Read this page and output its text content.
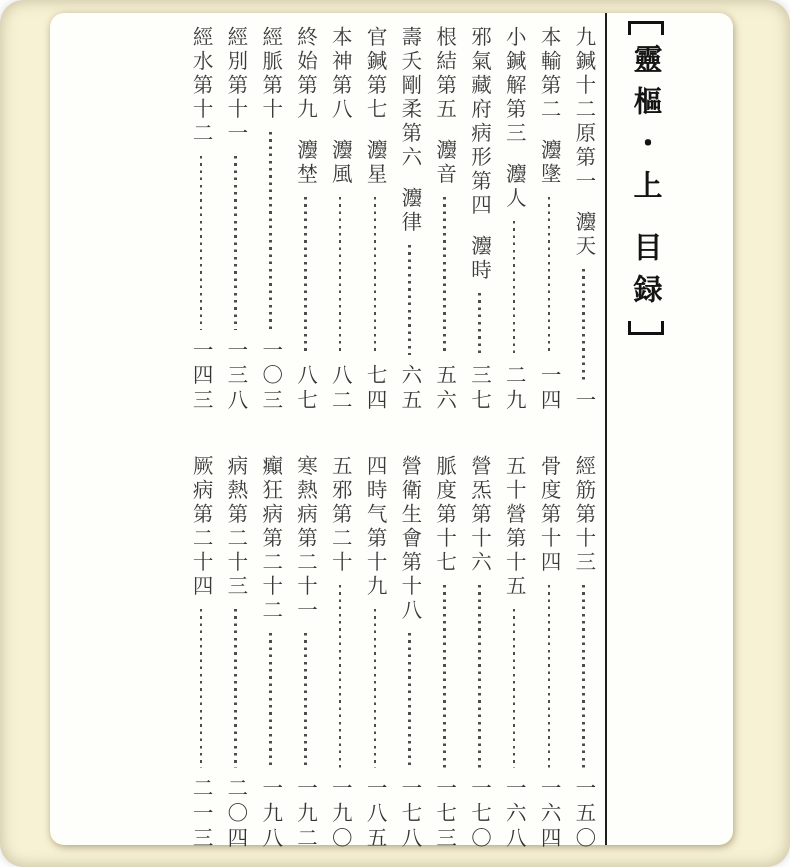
九鍼十二原第一
灋天
一
本輸第二
灋墬
一四
小鍼解第三
灋人
二九
邪氣藏府病形第四
灋時
三七
根結第五
灋音
五六
壽夭剛柔第六
灋律
六五
官鍼第七
灋星
七四
本神第八
灋風
八二
終始第九
灋埜
八七
經脈第十
一〇三
經別第十一
一三八
經水第十二
一四三
經筋第十三
一五〇
骨度第十四
一六四
五十營第十五
一六八
營炁第十六
一七〇
脈度第十七
一七三
營衛生會第十八
一七八
四時气第十九
一八五
五邪第二十
一九〇
寒熱病第二十一
一九二
癲狂病第二十二
一九八
病熱第二十三
二〇四
厥病第二十四
二一三
靈樞・上
目録
